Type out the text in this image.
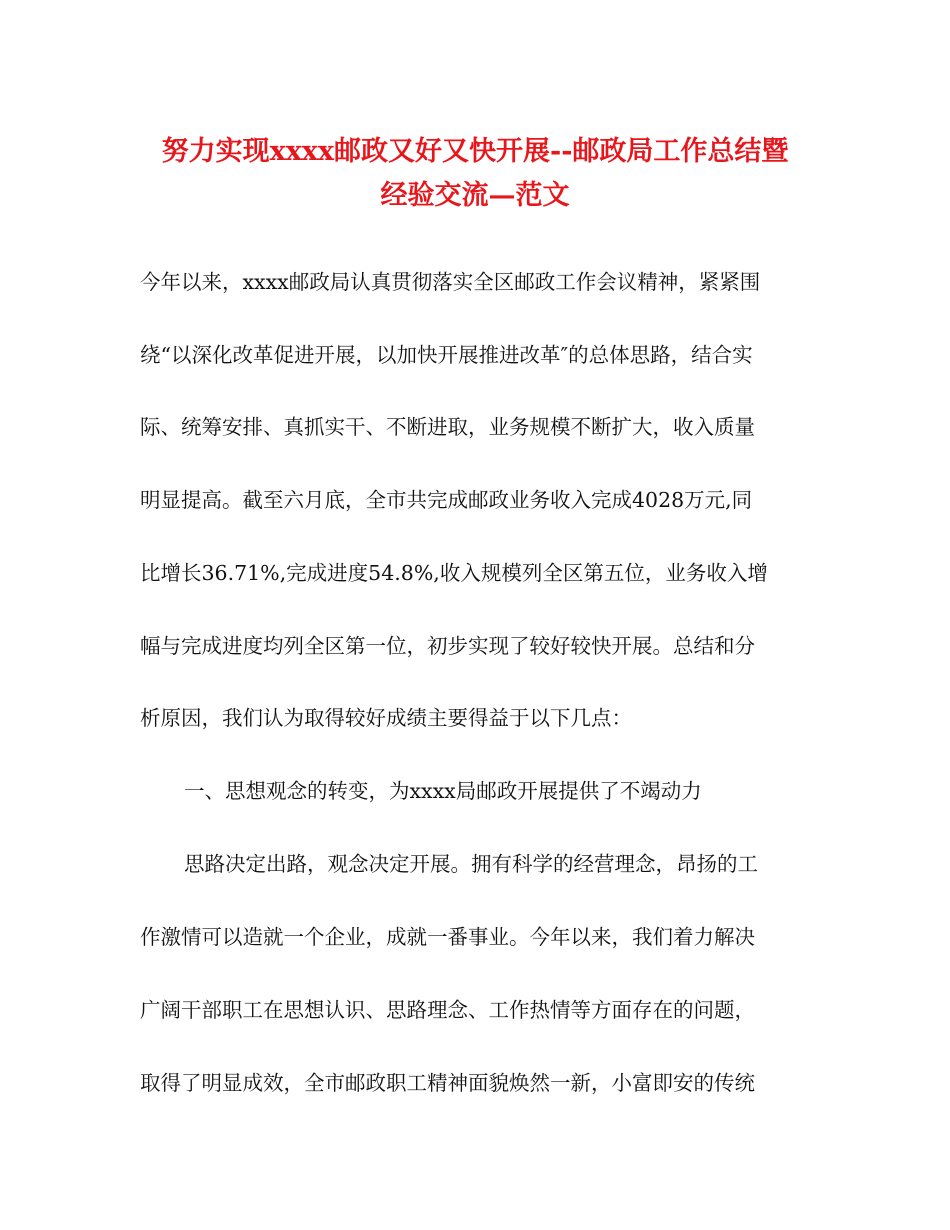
努力实现xxxx邮政又好又快开展--邮政局工作总结暨
经验交流—范文
今年以来，xxxx邮政局认真贯彻落实全区邮政工作会议精神，紧紧围
绕“以深化改革促进开展，以加快开展推进改革″的总体思路，结合实
际、统筹安排、真抓实干、不断进取，业务规模不断扩大，收入质量
明显提高。截至六月底，全市共完成邮政业务收入完成4028万元,同
比增长36.71%,完成进度54.8%,收入规模列全区第五位，业务收入增
幅与完成进度均列全区第一位，初步实现了较好较快开展。总结和分
析原因，我们认为取得较好成绩主要得益于以下几点：
一、思想观念的转变，为xxxx局邮政开展提供了不竭动力
思路决定出路，观念决定开展。拥有科学的经营理念，昂扬的工
作激情可以造就一个企业，成就一番事业。今年以来，我们着力解决
广阔干部职工在思想认识、思路理念、工作热情等方面存在的问题，
取得了明显成效，全市邮政职工精神面貌焕然一新，小富即安的传统
